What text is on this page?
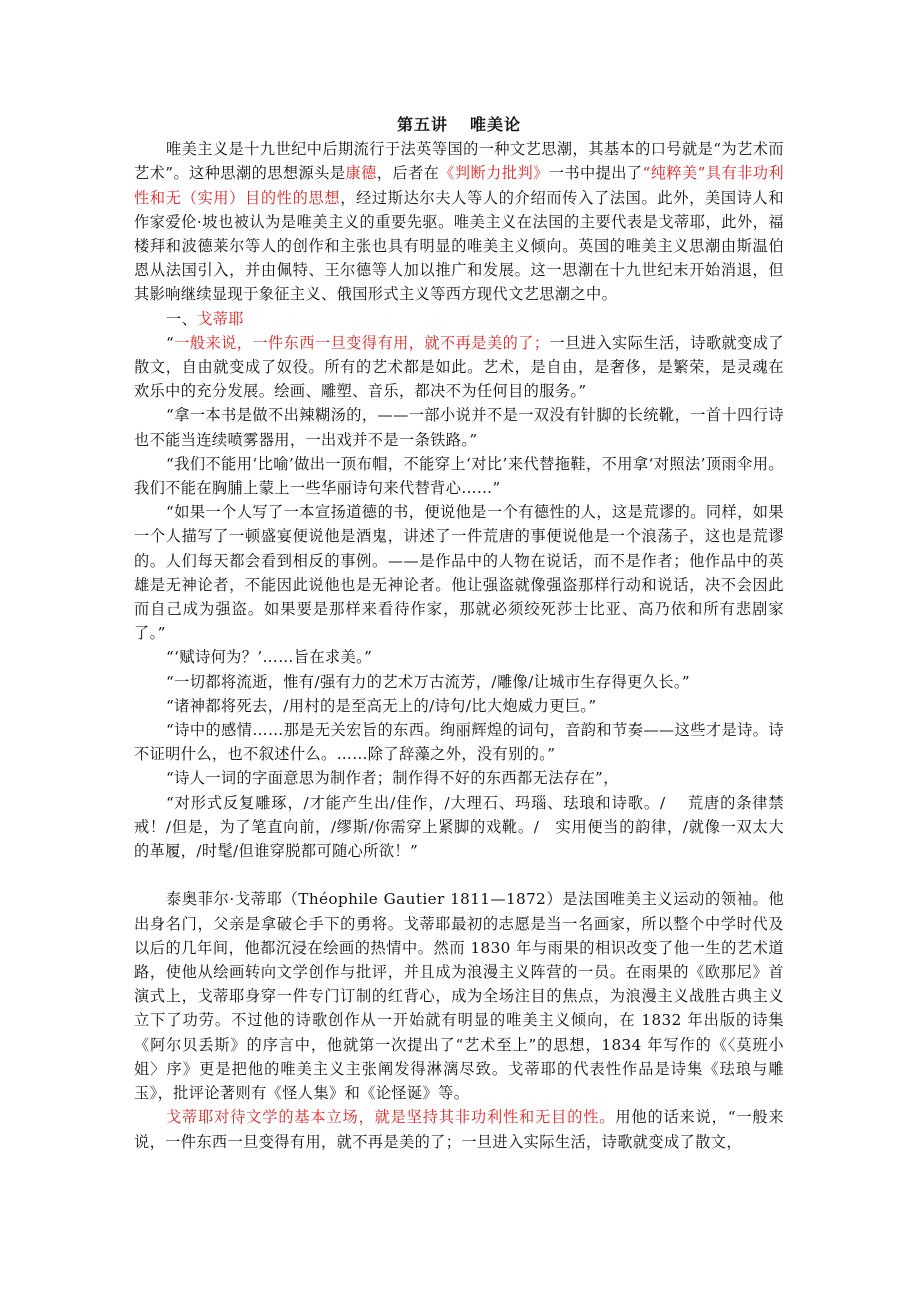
第五讲 唯美论

唯美主义是十九世纪中后期流行于法英等国的一种文艺思潮，其基本的口号就是“为艺术而艺术”。这种思潮的思想源头是康德，后者在《判断力批判》一书中提出了“纯粹美”具有非功利性和无（实用）目的性的思想，经过斯达尔夫人等人的介绍而传入了法国。此外，美国诗人和作家爱伦·坡也被认为是唯美主义的重要先驱。唯美主义在法国的主要代表是戈蒂耶，此外，福楼拜和波德莱尔等人的创作和主张也具有明显的唯美主义倾向。英国的唯美主义思潮由斯温伯恩从法国引入，并由佩特、王尔德等人加以推广和发展。这一思潮在十九世纪末开始消退，但其影响继续显现于象征主义、俄国形式主义等西方现代文艺思潮之中。

一、戈蒂耶

“一般来说，一件东西一旦变得有用，就不再是美的了；一旦进入实际生活，诗歌就变成了散文，自由就变成了奴役。所有的艺术都是如此。艺术，是自由，是奢侈，是繁荣，是灵魂在欢乐中的充分发展。绘画、雕塑、音乐，都决不为任何目的服务。”

“拿一本书是做不出辣糊汤的，——一部小说并不是一双没有针脚的长统靴，一首十四行诗也不能当连续喷雾器用，一出戏并不是一条铁路。”

“我们不能用‘比喻’做出一顶布帽，不能穿上‘对比’来代替拖鞋，不用拿‘对照法’顶雨伞用。我们不能在胸脯上蒙上一些华丽诗句来代替背心……”

“如果一个人写了一本宣扬道德的书，便说他是一个有德性的人，这是荒谬的。同样，如果一个人描写了一顿盛宴便说他是酒鬼，讲述了一件荒唐的事便说他是一个浪荡子，这也是荒谬的。人们每天都会看到相反的事例。——是作品中的人物在说话，而不是作者；他作品中的英雄是无神论者，不能因此说他也是无神论者。他让强盗就像强盗那样行动和说话，决不会因此而自己成为强盗。如果要是那样来看待作家，那就必须绞死莎士比亚、高乃依和所有悲剧家了。”

“‘赋诗何为？’……旨在求美。”

“一切都将流逝，惟有/强有力的艺术万古流芳，/雕像/让城市生存得更久长。”

“诸神都将死去，/用村的是至高无上的/诗句/比大炮威力更巨。”

“诗中的感情……那是无关宏旨的东西。绚丽辉煌的词句，音韵和节奏——这些才是诗。诗不证明什么，也不叙述什么。……除了辞藻之外，没有别的。”

“诗人一词的字面意思为制作者；制作得不好的东西都无法存在”，

“对形式反复雕琢，/才能产生出/佳作，/大理石、玛瑙、珐琅和诗歌。/　 荒唐的条律禁戒！/但是，为了笔直向前，/缪斯/你需穿上紧脚的戏靴。/　实用便当的韵律，/就像一双太大的革履，/时髦/但谁穿脱都可随心所欲！”

泰奥菲尔·戈蒂耶（Théophile Gautier 1811—1872）是法国唯美主义运动的领袖。他出身名门，父亲是拿破仑手下的勇将。戈蒂耶最初的志愿是当一名画家，所以整个中学时代及以后的几年间，他都沉浸在绘画的热情中。然而 1830 年与雨果的相识改变了他一生的艺术道路，使他从绘画转向文学创作与批评，并且成为浪漫主义阵营的一员。在雨果的《欧那尼》首演式上，戈蒂耶身穿一件专门订制的红背心，成为全场注目的焦点，为浪漫主义战胜古典主义立下了功劳。不过他的诗歌创作从一开始就有明显的唯美主义倾向，在 1832 年出版的诗集《阿尔贝丢斯》的序言中，他就第一次提出了“艺术至上”的思想，1834 年写作的《〈莫班小姐〉序》更是把他的唯美主义主张阐发得淋漓尽致。戈蒂耶的代表性作品是诗集《珐琅与雕玉》，批评论著则有《怪人集》和《论怪诞》等。

戈蒂耶对待文学的基本立场，就是坚持其非功利性和无目的性。用他的话来说，“一般来说，一件东西一旦变得有用，就不再是美的了；一旦进入实际生活，诗歌就变成了散文，
